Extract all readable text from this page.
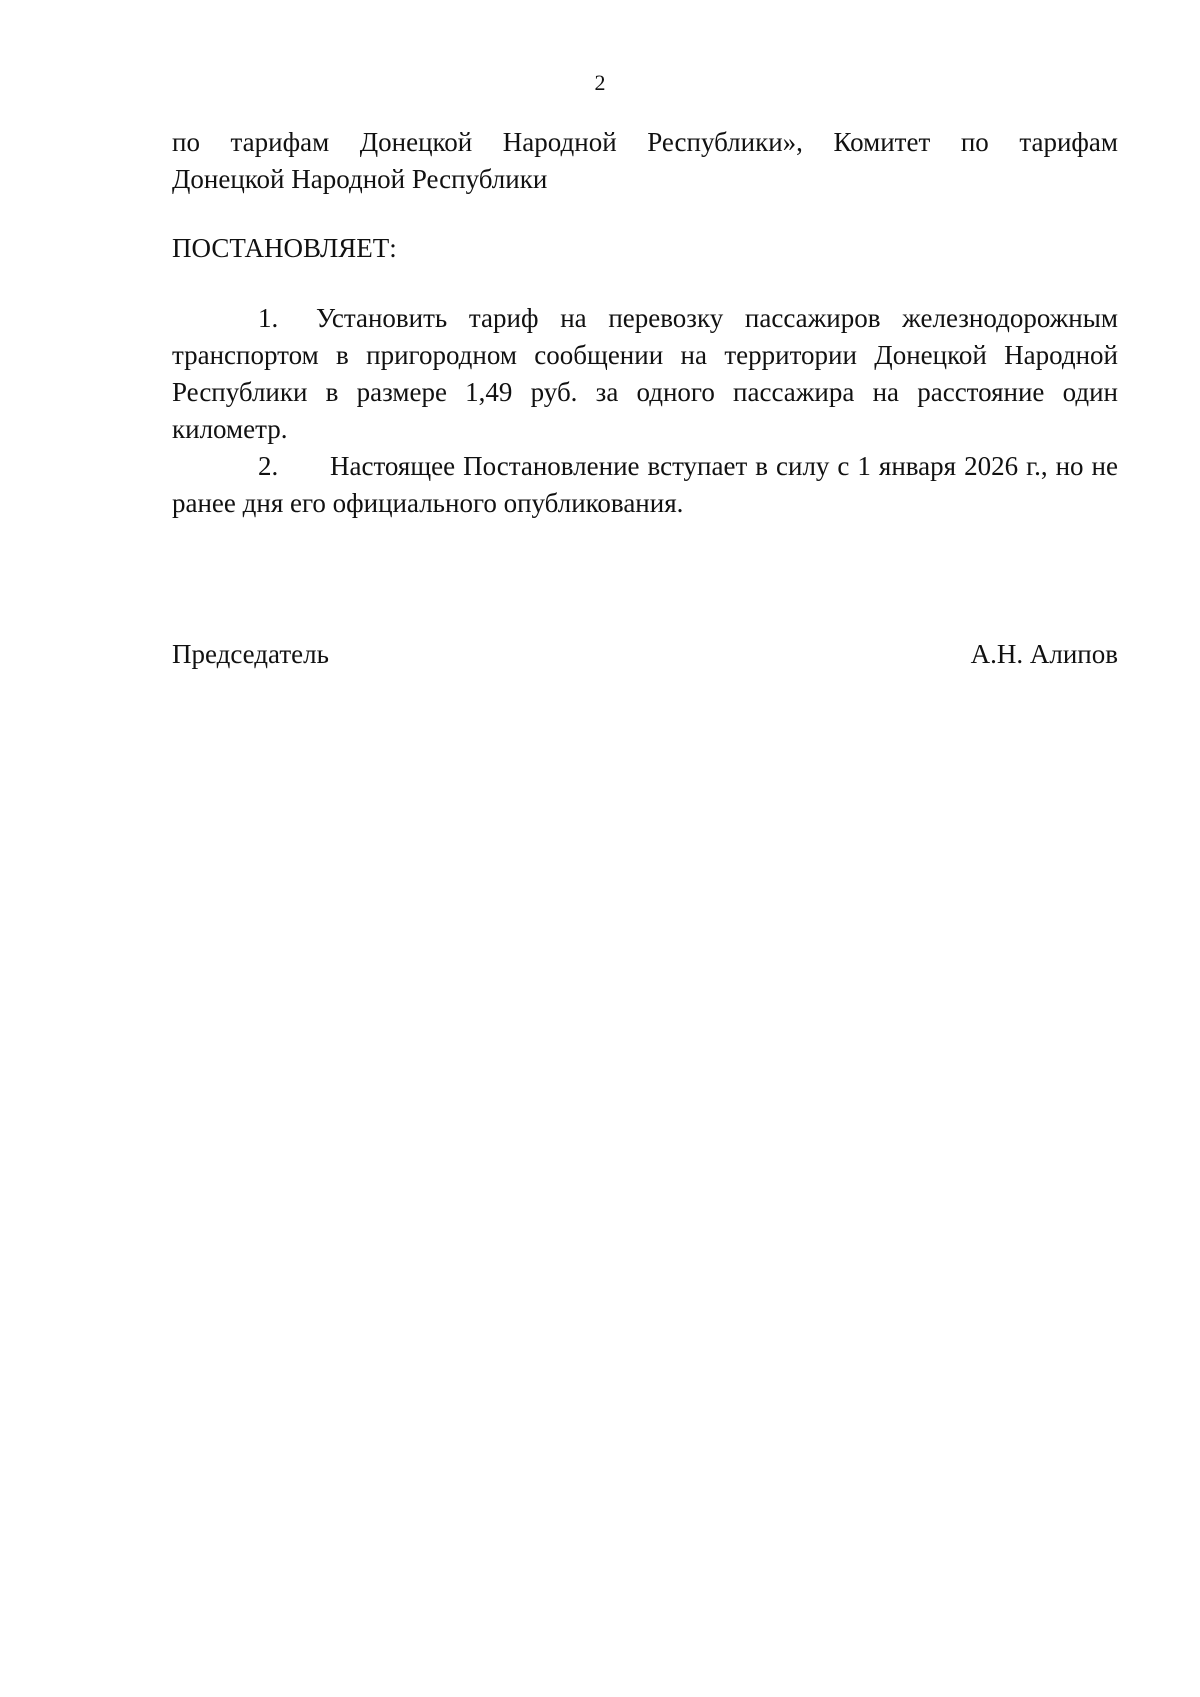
2
по тарифам Донецкой Народной Республики», Комитет по тарифам
Донецкой Народной Республики
ПОСТАНОВЛЯЕТ:

1. Установить тариф на перевозку пассажиров железнодорожным транспортом в пригородном сообщении на территории Донецкой Народной Республики в размере 1,49 руб. за одного пассажира на расстояние один километр.

2. Настоящее Постановление вступает в силу с 1 января 2026 г., но не ранее дня его официального опубликования.

Председатель	А.Н. Алипов
